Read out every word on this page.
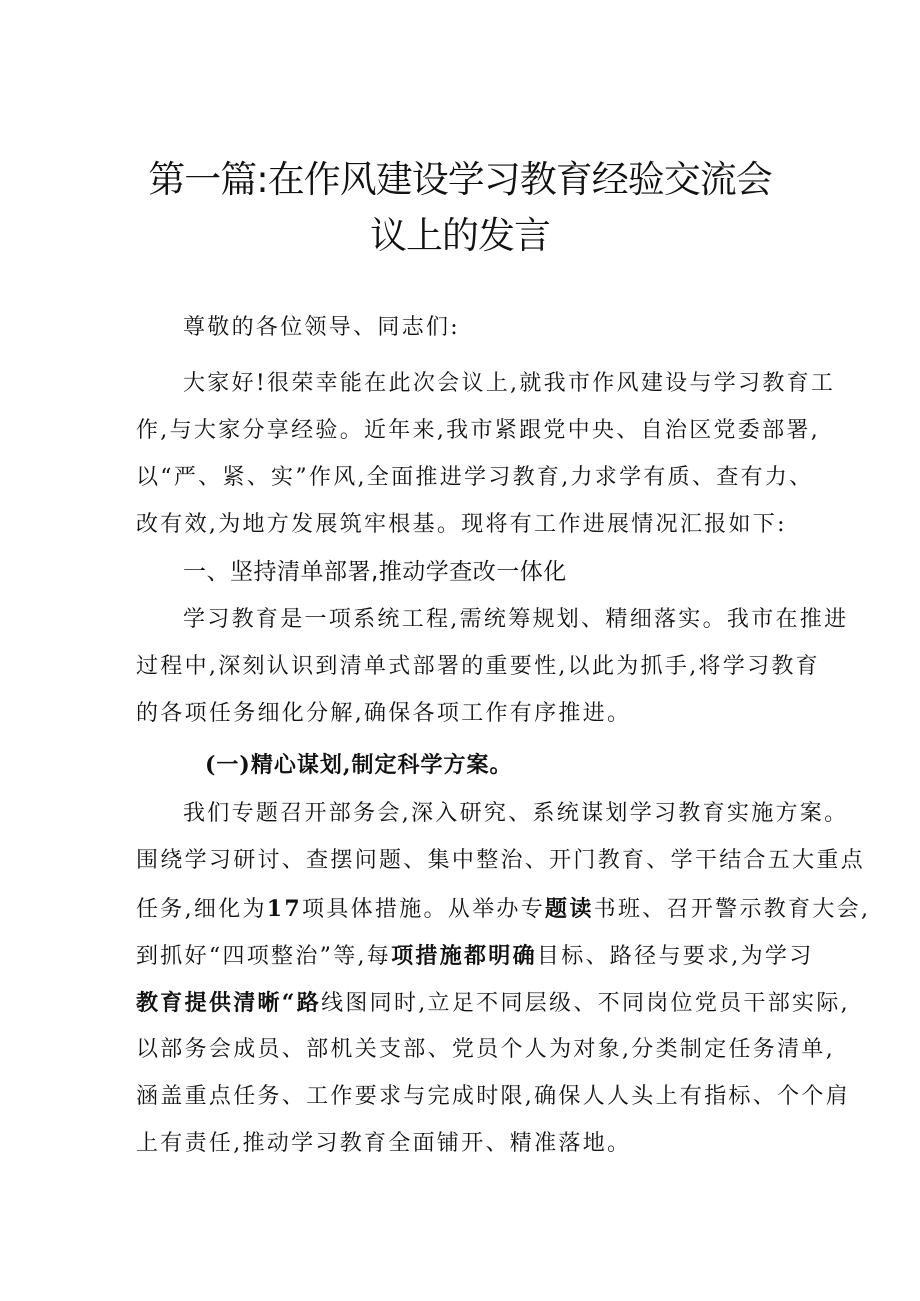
第一篇:在作风建设学习教育经验交流会
议上的发言
尊敬的各位领导、同志们:
大家好!很荣幸能在此次会议上,就我市作风建设与学习教育工
作,与大家分享经验。近年来,我市紧跟党中央、自治区党委部署,
以“严、紧、实”作风,全面推进学习教育,力求学有质、查有力、
改有效,为地方发展筑牢根基。现将有工作进展情况汇报如下:
一、坚持清单部署,推动学查改一体化
学习教育是一项系统工程,需统筹规划、精细落实。我市在推进
过程中,深刻认识到清单式部署的重要性,以此为抓手,将学习教育
的各项任务细化分解,确保各项工作有序推进。
(一)精心谋划,制定科学方案。
我们专题召开部务会,深入研究、系统谋划学习教育实施方案。
围绕学习研讨、查摆问题、集中整治、开门教育、学干结合五大重点
任务,细化为17项具体措施。从举办专题读书班、召开警示教育大会,
到抓好“四项整治”等,每项措施都明确目标、路径与要求,为学习
教育提供清晰“路线图同时,立足不同层级、不同岗位党员干部实际,
以部务会成员、部机关支部、党员个人为对象,分类制定任务清单,
涵盖重点任务、工作要求与完成时限,确保人人头上有指标、个个肩
上有责任,推动学习教育全面铺开、精准落地。
